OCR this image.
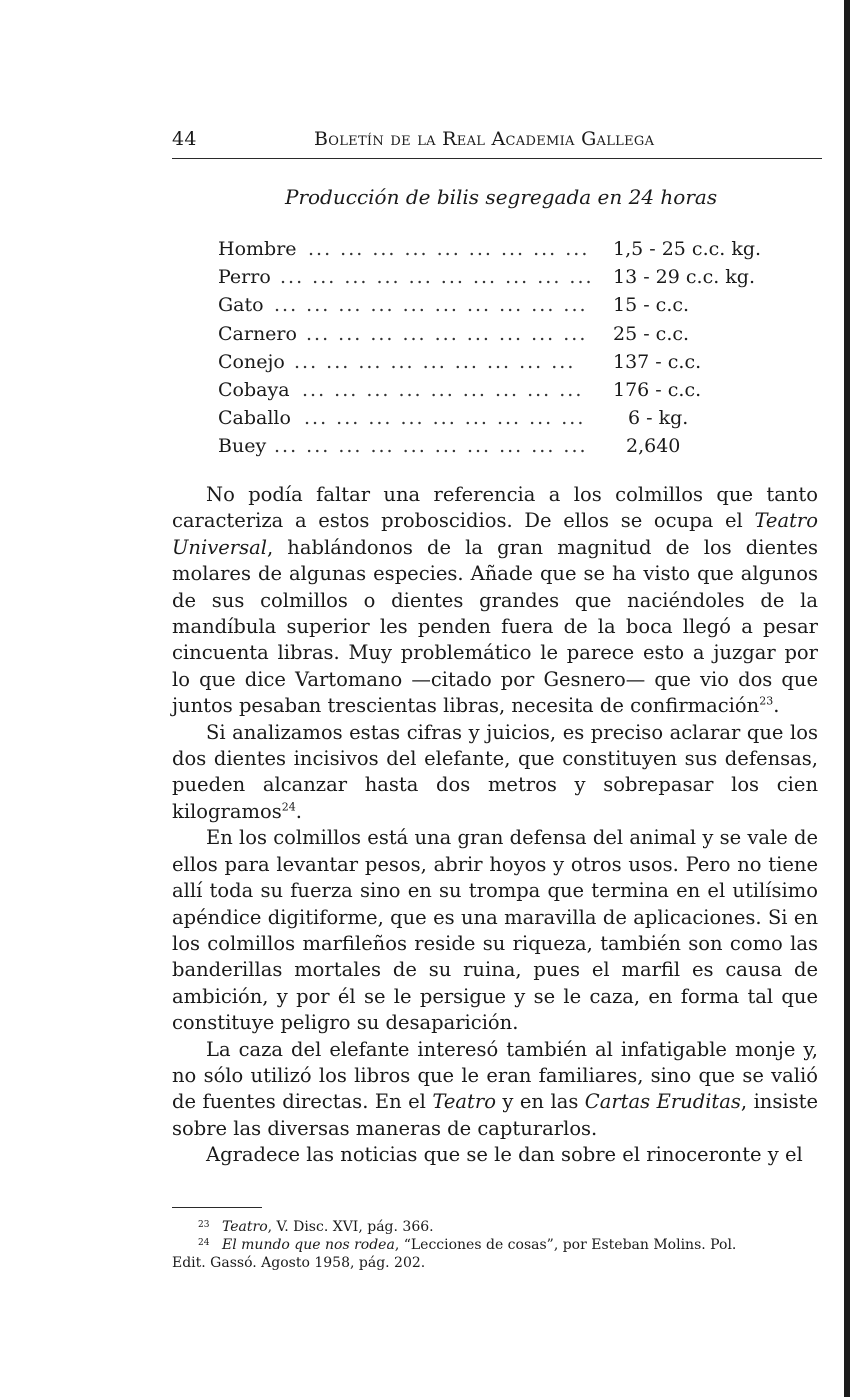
44	Boletín de la Real Academia Gallega
Producción de bilis segregada en 24 horas
Hombre ... ... ... ... ... ... ... ... ... 1,5 - 25 c.c. kg.
Perro ... ... ... ... ... ... ... ... ... ... 13 - 29 c.c. kg.
Gato ... ... ... ... ... ... ... ... ... ... 15 - c.c.
Carnero ... ... ... ... ... ... ... ... ... 25 - c.c.
Conejo ... ... ... ... ... ... ... ... ... 137 - c.c.
Cobaya ... ... ... ... ... ... ... ... ... 176 - c.c.
Caballo ... ... ... ... ... ... ... ... ... 6 - kg.
Buey ... ... ... ... ... ... ... ... ... ... 2,640

No podía faltar una referencia a los colmillos que tanto caracteriza a estos proboscidios. De ellos se ocupa el Teatro Universal, hablándonos de la gran magnitud de los dientes molares de algunas especies. Añade que se ha visto que algunos de sus colmillos o dientes grandes que naciéndoles de la mandíbula superior les penden fuera de la boca llegó a pesar cincuenta libras. Muy problemático le parece esto a juzgar por lo que dice Vartomano —citado por Gesnero— que vio dos que juntos pesaban trescientas libras, necesita de confirmación$^{23}$.

Si analizamos estas cifras y juicios, es preciso aclarar que los dos dientes incisivos del elefante, que constituyen sus defensas, pueden alcanzar hasta dos metros y sobrepasar los cien kilogramos$^{24}$.

En los colmillos está una gran defensa del animal y se vale de ellos para levantar pesos, abrir hoyos y otros usos. Pero no tiene allí toda su fuerza sino en su trompa que termina en el utilísimo apéndice digitiforme, que es una maravilla de aplicaciones. Si en los colmillos marfileños reside su riqueza, también son como las banderillas mortales de su ruina, pues el marfil es causa de ambición, y por él se le persigue y se le caza, en forma tal que constituye peligro su desaparición.

La caza del elefante interesó también al infatigable monje y, no sólo utilizó los libros que le eran familiares, sino que se valió de fuentes directas. En el Teatro y en las Cartas Eruditas, insiste sobre las diversas maneras de capturarlos.

Agradece las noticias que se le dan sobre el rinoceronte y el

23 Teatro, V. Disc. XVI, pág. 366.
24 El mundo que nos rodea, “Lecciones de cosas”, por Esteban Molins. Pol.
Edit. Gassó. Agosto 1958, pág. 202.
